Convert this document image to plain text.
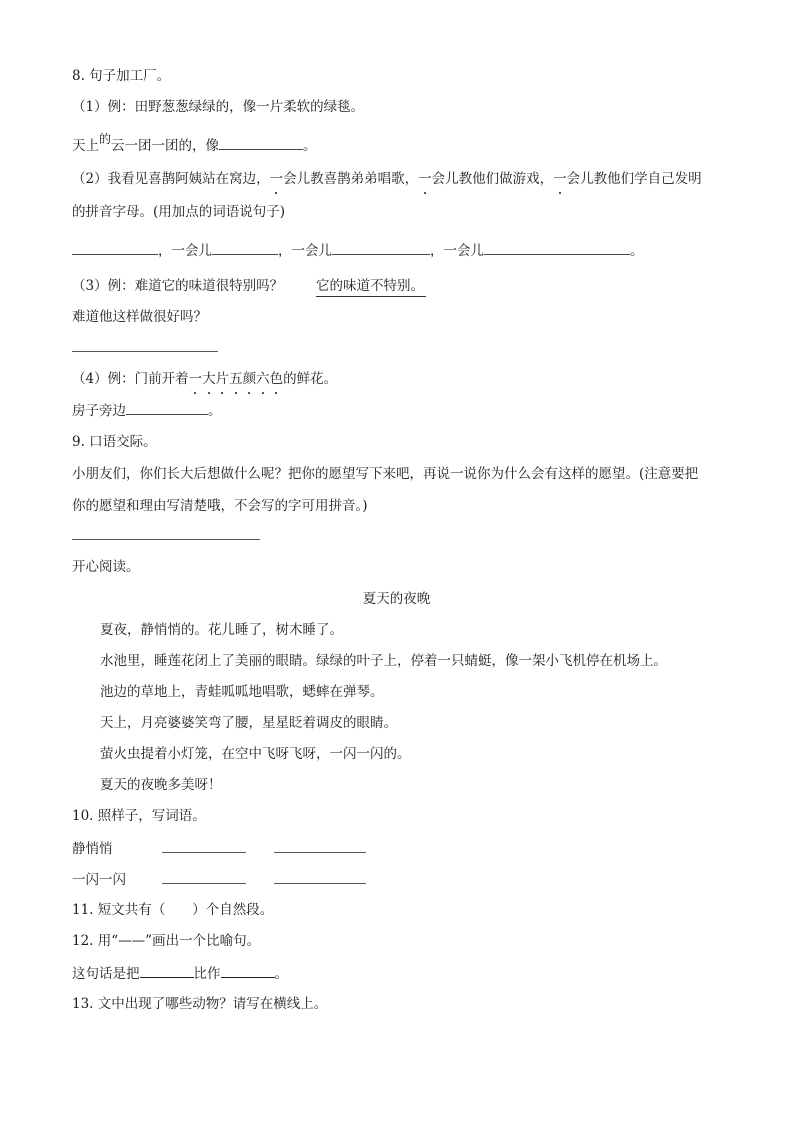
8. 句子加工厂。
（1）例：田野葱葱绿绿的，像一片柔软的绿毯。
天上的云一团一团的，像	。
（2）我看见喜鹊阿姨站在窝边，一会儿教喜鹊弟弟唱歌，一会儿教他们做游戏，一会儿教他们学自己发明
的拼音字母。(用加点的词语说句子)
，一会儿	，一会儿	，一会儿	。
（3）例：难道它的味道很特别吗？ 它的味道不特别。
难道他这样做很好吗？
（4）例：门前开着一大片五颜六色的鲜花。
房子旁边	。
9. 口语交际。
小朋友们，你们长大后想做什么呢？把你的愿望写下来吧，再说一说你为什么会有这样的愿望。(注意要把
你的愿望和理由写清楚哦，不会写的字可用拼音。)
开心阅读。
夏天的夜晚
夏夜，静悄悄的。花儿睡了，树木睡了。
水池里，睡莲花闭上了美丽的眼睛。绿绿的叶子上，停着一只蜻蜓，像一架小飞机停在机场上。
池边的草地上，青蛙呱呱地唱歌，蟋蟀在弹琴。
天上，月亮婆婆笑弯了腰，星星眨着调皮的眼睛。
萤火虫提着小灯笼，在空中飞呀飞呀，一闪一闪的。
夏天的夜晚多美呀！
10. 照样子，写词语。
静悄悄
一闪一闪
11. 短文共有（　　）个自然段。
12. 用“——”画出一个比喻句。
这句话是把	比作	。
13. 文中出现了哪些动物？请写在横线上。
